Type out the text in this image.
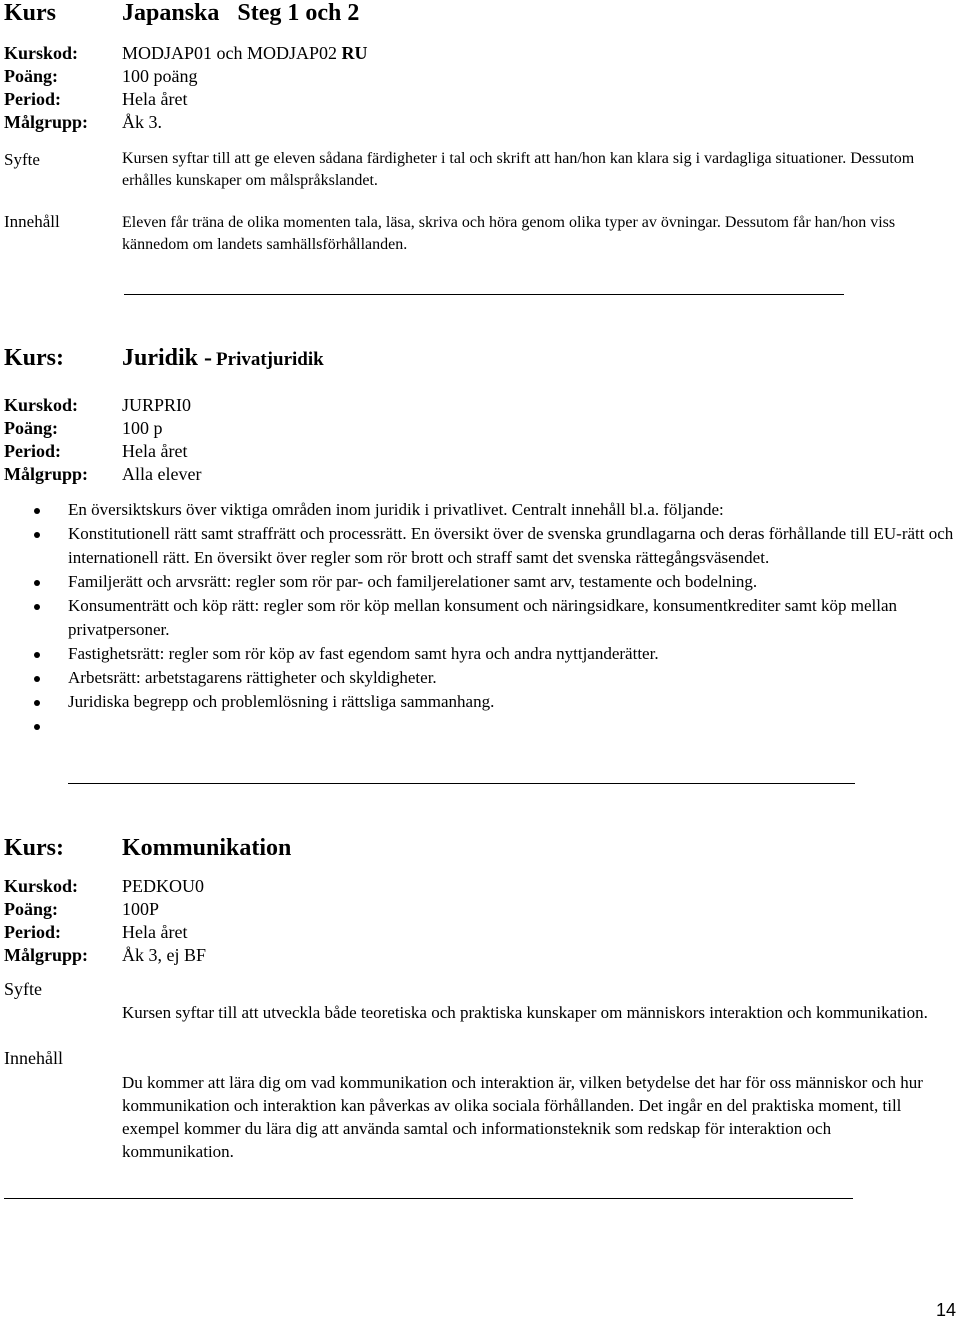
Kurs	Japanska   Steg 1 och 2
Kurskod: MODJAP01 och MODJAP02 RU
Poäng:	100 poäng
Period:	Hela året
Målgrupp: Åk 3.
Syfte	Kursen syftar till att ge eleven sådana färdigheter i tal och skrift att han/hon kan klara sig i vardagliga situationer. Dessutom erhålles kunskaper om målspråkslandet.
Innehåll	Eleven får träna de olika momenten tala, läsa, skriva och höra genom olika typer av övningar. Dessutom får han/hon viss kännedom om landets samhällsförhållanden.
Kurs: Juridik - Privatjuridik
Kurskod: JURPRI0
Poäng:	100 p
Period:	Hela året
Målgrupp: Alla elever
En översiktskurs över viktiga områden inom juridik i privatlivet. Centralt innehåll bl.a. följande:
Konstitutionell rätt samt straffrätt och processrätt. En översikt över de svenska grundlagarna och deras förhållande till EU-rätt och internationell rätt. En översikt över regler som rör brott och straff samt det svenska rättegångsväsendet.
Familjerätt och arvsrätt: regler som rör par- och familjerelationer samt arv, testamente och bodelning.
Konsumenträtt och köp rätt: regler som rör köp mellan konsument och näringsidkare, konsumentkrediter samt köp mellan privatpersoner.
Fastighetsrätt: regler som rör köp av fast egendom samt hyra och andra nyttjanderätter.
Arbetsrätt: arbetstagarens rättigheter och skyldigheter.
Juridiska begrepp och problemlösning i rättsliga sammanhang.
Kurs: Kommunikation
Kurskod: PEDKOU0
Poäng:	100P
Period:	Hela året
Målgrupp: Åk 3, ej BF
Syfte
Kursen syftar till att utveckla både teoretiska och praktiska kunskaper om människors interaktion och kommunikation.
Innehåll
Du kommer att lära dig om vad kommunikation och interaktion är, vilken betydelse det har för oss människor och hur kommunikation och interaktion kan påverkas av olika sociala förhållanden. Det ingår en del praktiska moment, till exempel kommer du lära dig att använda samtal och informationsteknik som redskap för interaktion och kommunikation.
14
